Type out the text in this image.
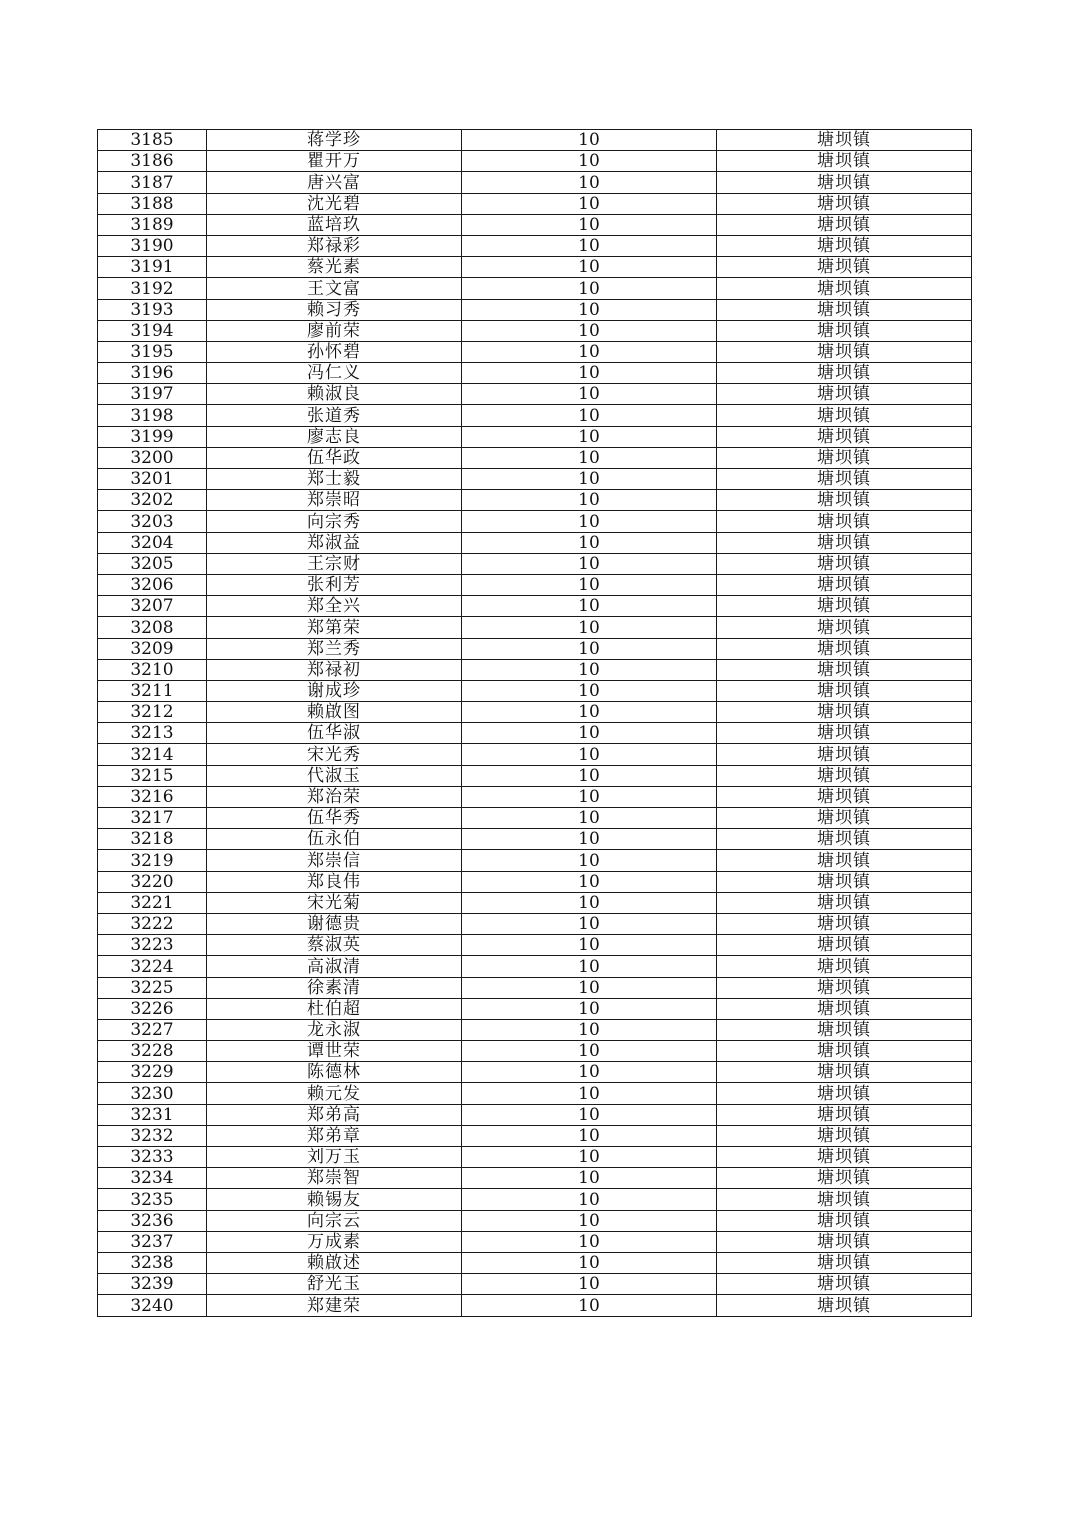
3185	蒋学珍	10	塘坝镇
3186	瞿开万	10	塘坝镇
3187	唐兴富	10	塘坝镇
3188	沈光碧	10	塘坝镇
3189	蓝培玖	10	塘坝镇
3190	郑禄彩	10	塘坝镇
3191	蔡光素	10	塘坝镇
3192	王文富	10	塘坝镇
3193	赖习秀	10	塘坝镇
3194	廖前荣	10	塘坝镇
3195	孙怀碧	10	塘坝镇
3196	冯仁义	10	塘坝镇
3197	赖淑良	10	塘坝镇
3198	张道秀	10	塘坝镇
3199	廖志良	10	塘坝镇
3200	伍华政	10	塘坝镇
3201	郑士毅	10	塘坝镇
3202	郑崇昭	10	塘坝镇
3203	向宗秀	10	塘坝镇
3204	郑淑益	10	塘坝镇
3205	王宗财	10	塘坝镇
3206	张利芳	10	塘坝镇
3207	郑全兴	10	塘坝镇
3208	郑第荣	10	塘坝镇
3209	郑兰秀	10	塘坝镇
3210	郑禄初	10	塘坝镇
3211	谢成珍	10	塘坝镇
3212	赖啟图	10	塘坝镇
3213	伍华淑	10	塘坝镇
3214	宋光秀	10	塘坝镇
3215	代淑玉	10	塘坝镇
3216	郑治荣	10	塘坝镇
3217	伍华秀	10	塘坝镇
3218	伍永伯	10	塘坝镇
3219	郑崇信	10	塘坝镇
3220	郑良伟	10	塘坝镇
3221	宋光菊	10	塘坝镇
3222	谢德贵	10	塘坝镇
3223	蔡淑英	10	塘坝镇
3224	高淑清	10	塘坝镇
3225	徐素清	10	塘坝镇
3226	杜伯超	10	塘坝镇
3227	龙永淑	10	塘坝镇
3228	谭世荣	10	塘坝镇
3229	陈德林	10	塘坝镇
3230	赖元发	10	塘坝镇
3231	郑弟高	10	塘坝镇
3232	郑弟章	10	塘坝镇
3233	刘万玉	10	塘坝镇
3234	郑崇智	10	塘坝镇
3235	赖锡友	10	塘坝镇
3236	向宗云	10	塘坝镇
3237	万成素	10	塘坝镇
3238	赖啟述	10	塘坝镇
3239	舒光玉	10	塘坝镇
3240	郑建荣	10	塘坝镇
